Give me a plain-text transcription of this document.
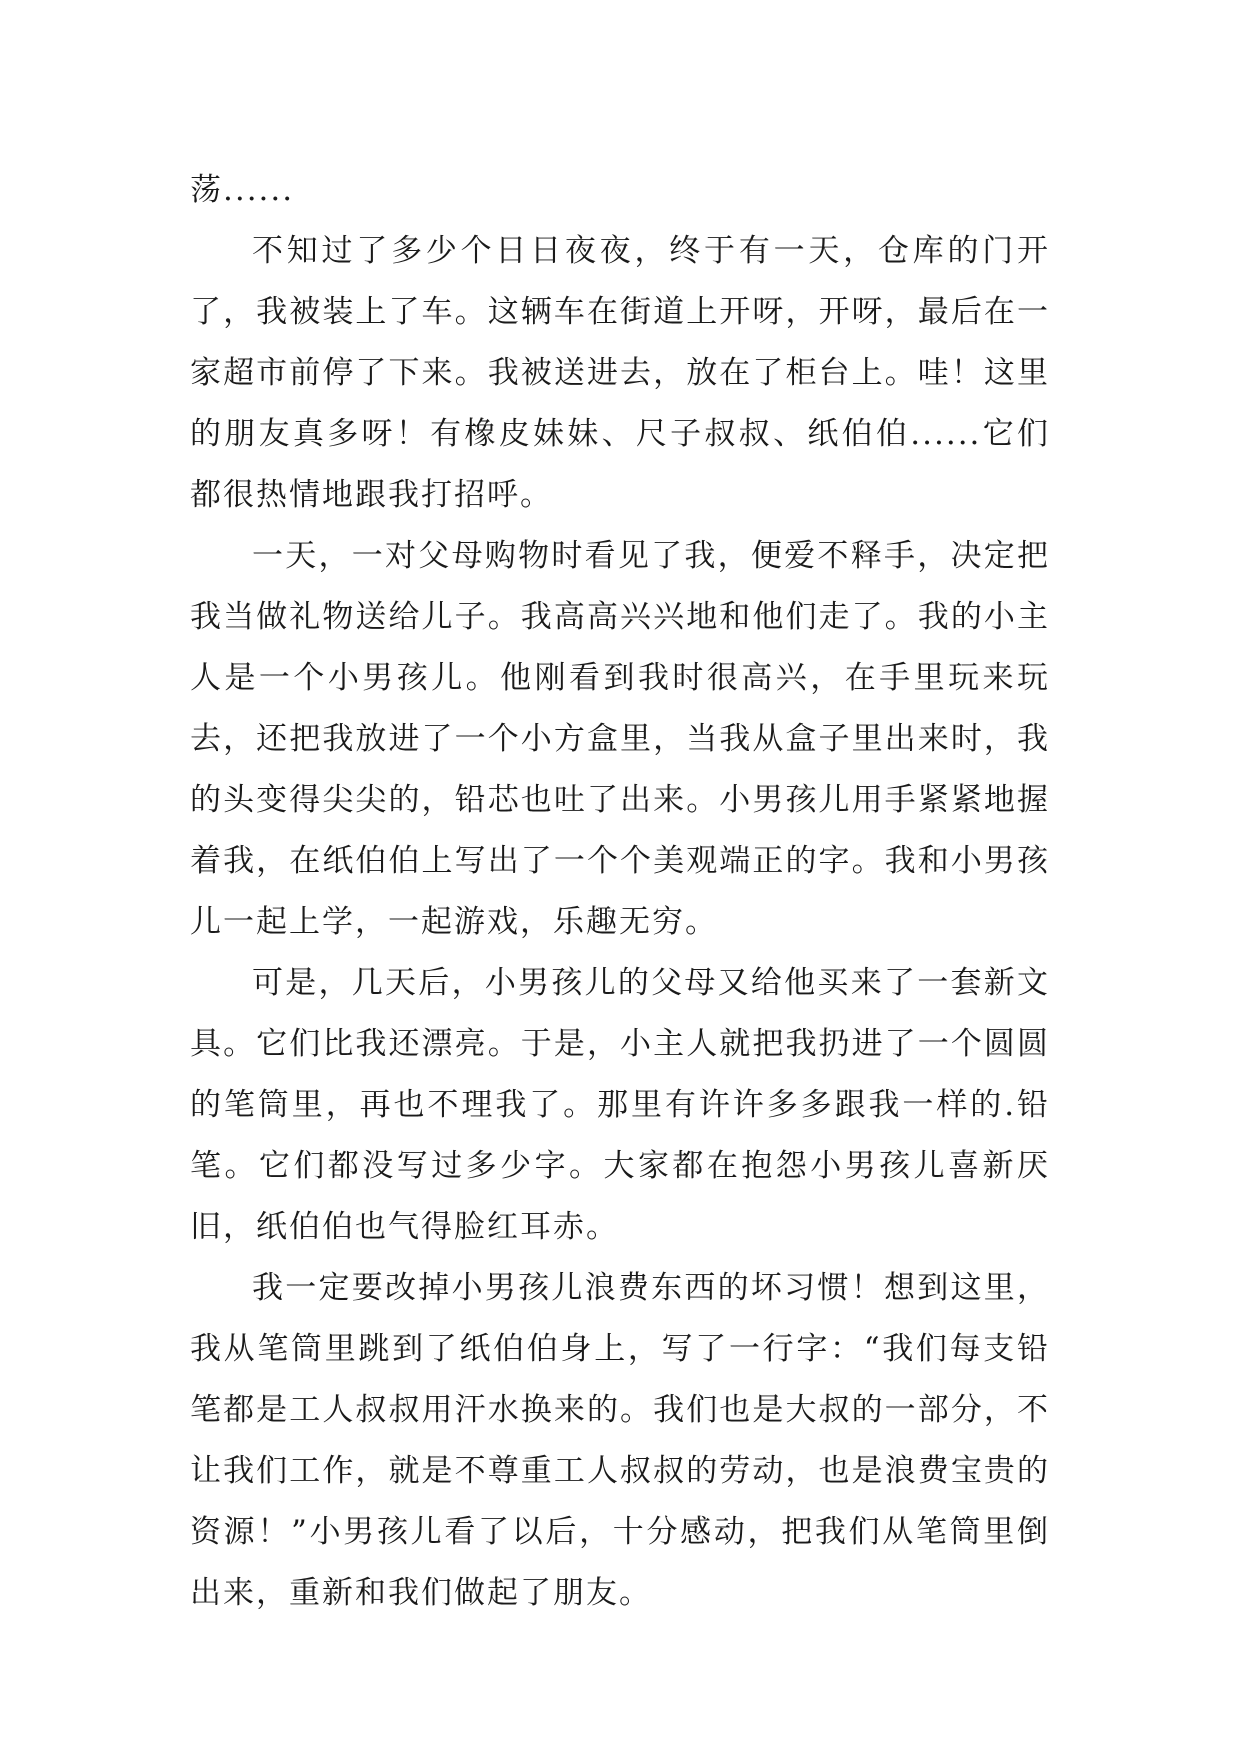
荡......

不知过了多少个日日夜夜，终于有一天，仓库的门开了，我被装上了车。这辆车在街道上开呀，开呀，最后在一家超市前停了下来。我被送进去，放在了柜台上。哇！这里的朋友真多呀！有橡皮妹妹、尺子叔叔、纸伯伯......它们都很热情地跟我打招呼。

一天，一对父母购物时看见了我，便爱不释手，决定把我当做礼物送给儿子。我高高兴兴地和他们走了。我的小主人是一个小男孩儿。他刚看到我时很高兴，在手里玩来玩去，还把我放进了一个小方盒里，当我从盒子里出来时，我的头变得尖尖的，铅芯也吐了出来。小男孩儿用手紧紧地握着我，在纸伯伯上写出了一个个美观端正的字。我和小男孩儿一起上学，一起游戏，乐趣无穷。

可是，几天后，小男孩儿的父母又给他买来了一套新文具。它们比我还漂亮。于是，小主人就把我扔进了一个圆圆的笔筒里，再也不理我了。那里有许许多多跟我一样的.铅笔。它们都没写过多少字。大家都在抱怨小男孩儿喜新厌旧，纸伯伯也气得脸红耳赤。

我一定要改掉小男孩儿浪费东西的坏习惯！想到这里，我从笔筒里跳到了纸伯伯身上，写了一行字：“我们每支铅笔都是工人叔叔用汗水换来的。我们也是大叔的一部分，不让我们工作，就是不尊重工人叔叔的劳动，也是浪费宝贵的资源！”小男孩儿看了以后，十分感动，把我们从笔筒里倒出来，重新和我们做起了朋友。
